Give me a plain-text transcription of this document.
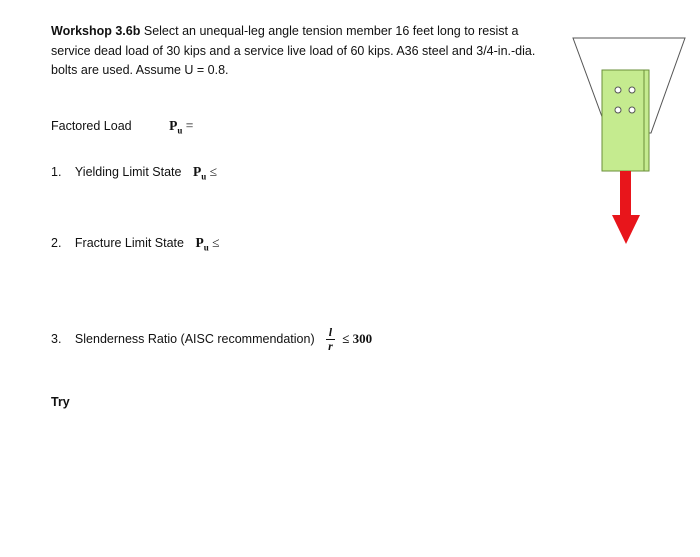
Workshop 3.6b Select an unequal-leg angle tension member 16 feet long to resist a service dead load of 30 kips and a service live load of 60 kips. A36 steel and 3/4-in.-dia. bolts are used. Assume U = 0.8.
Factored Load	$P_u$ =
1. Yielding Limit State $P_u$ ≤
2. Fracture Limit State $P_u$ ≤
3. Slenderness Ratio (AISC recommendation) $\frac{l}{r} \le 300$
Try
